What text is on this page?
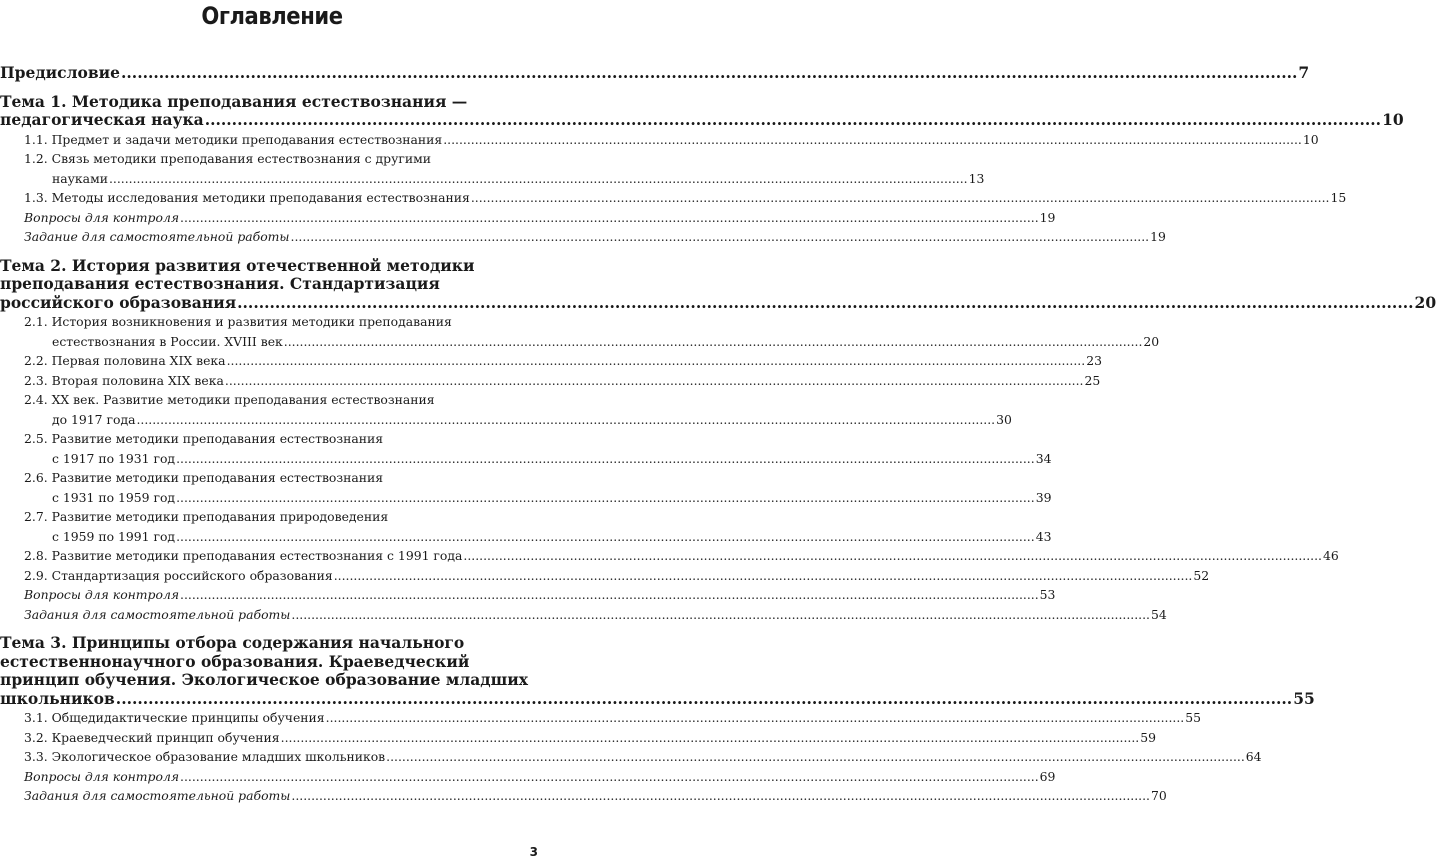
Оглавление
Предисловие .......................................................................................................................................................................................................................... 7
Тема 1. Методика преподавания естествознания —
педагогическая наука .......................................................................................................................................................................................................................... 10
1.1. Предмет и задачи методики преподавания естествознания .......................................................................................................................................................................................................................... 10
1.2. Связь методики преподавания естествознания с другими
науками .......................................................................................................................................................................................................................... 13
1.3. Методы исследования методики преподавания естествознания .......................................................................................................................................................................................................................... 15
Вопросы для контроля .......................................................................................................................................................................................................................... 19
Задание для самостоятельной работы .......................................................................................................................................................................................................................... 19
Тема 2. История развития отечественной методики
преподавания естествознания. Стандартизация
российского образования .......................................................................................................................................................................................................................... 20
2.1. История возникновения и развития методики преподавания
естествознания в России. XVIII век .......................................................................................................................................................................................................................... 20
2.2. Первая половина XIX века .......................................................................................................................................................................................................................... 23
2.3. Вторая половина XIX века .......................................................................................................................................................................................................................... 25
2.4. XX век. Развитие методики преподавания естествознания
до 1917 года .......................................................................................................................................................................................................................... 30
2.5. Развитие методики преподавания естествознания
с 1917 по 1931 год .......................................................................................................................................................................................................................... 34
2.6. Развитие методики преподавания естествознания
с 1931 по 1959 год .......................................................................................................................................................................................................................... 39
2.7. Развитие методики преподавания природоведения
с 1959 по 1991 год .......................................................................................................................................................................................................................... 43
2.8. Развитие методики преподавания естествознания с 1991 года .......................................................................................................................................................................................................................... 46
2.9. Стандартизация российского образования .......................................................................................................................................................................................................................... 52
Вопросы для контроля .......................................................................................................................................................................................................................... 53
Задания для самостоятельной работы .......................................................................................................................................................................................................................... 54
Тема 3. Принципы отбора содержания начального
естественнонаучного образования. Краеведческий
принцип обучения. Экологическое образование младших
школьников .......................................................................................................................................................................................................................... 55
3.1. Общедидактические принципы обучения .......................................................................................................................................................................................................................... 55
3.2. Краеведческий принцип обучения .......................................................................................................................................................................................................................... 59
3.3. Экологическое образование младших школьников .......................................................................................................................................................................................................................... 64
Вопросы для контроля .......................................................................................................................................................................................................................... 69
Задания для самостоятельной работы .......................................................................................................................................................................................................................... 70
3
